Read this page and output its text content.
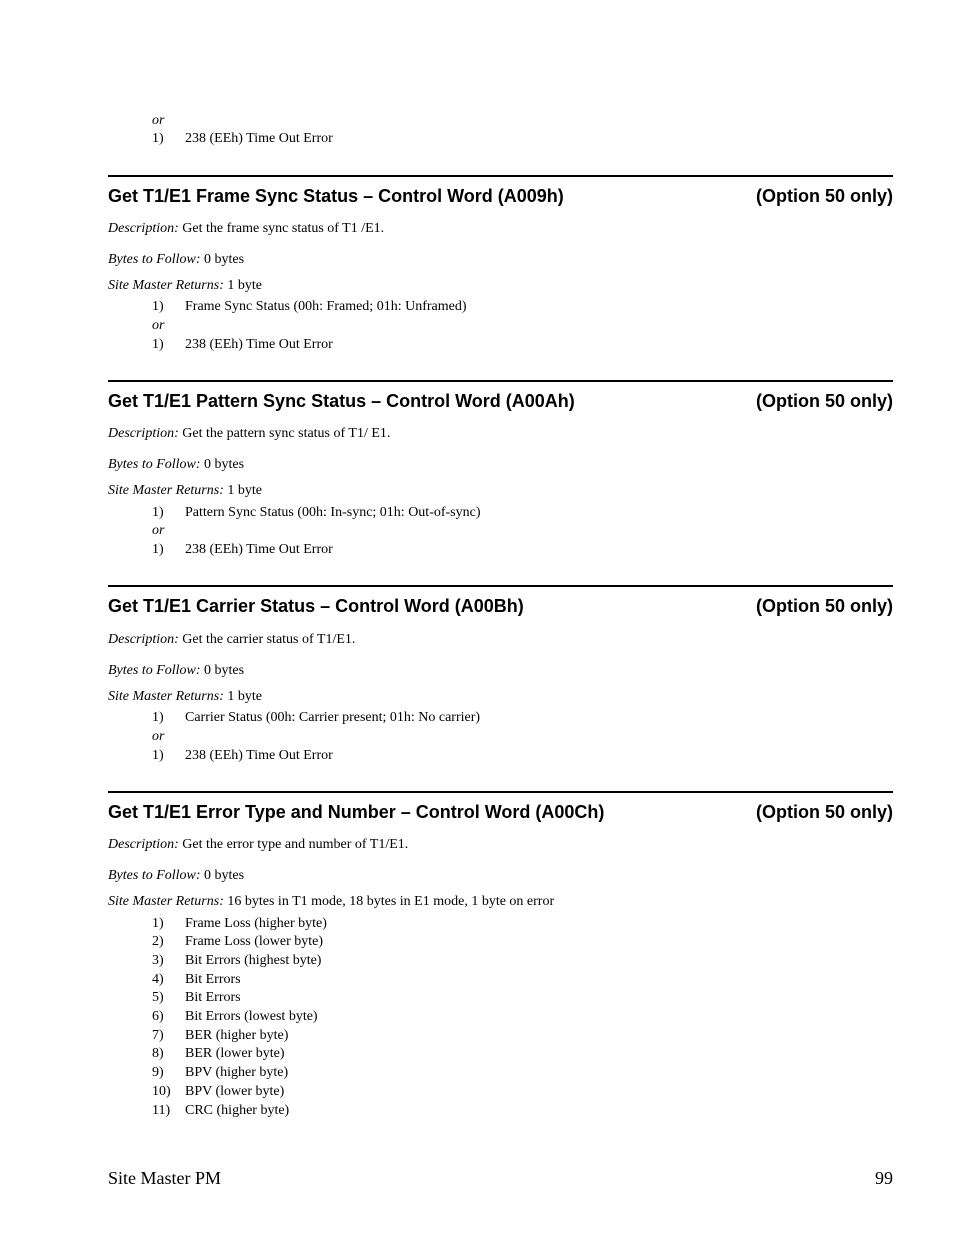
or
1) 238 (EEh) Time Out Error
Get T1/E1 Frame Sync Status – Control Word (A009h)	(Option 50 only)
Description: Get the frame sync status of T1 /E1.
Bytes to Follow: 0 bytes
Site Master Returns: 1 byte
1) Frame Sync Status (00h: Framed; 01h: Unframed)
or
1) 238 (EEh) Time Out Error
Get T1/E1 Pattern Sync Status – Control Word (A00Ah)	(Option 50 only)
Description: Get the pattern sync status of T1/ E1.
Bytes to Follow: 0 bytes
Site Master Returns: 1 byte
1) Pattern Sync Status (00h: In-sync; 01h: Out-of-sync)
or
1) 238 (EEh) Time Out Error
Get T1/E1 Carrier Status – Control Word (A00Bh)	(Option 50 only)
Description: Get the carrier status of T1/E1.
Bytes to Follow: 0 bytes
Site Master Returns: 1 byte
1) Carrier Status (00h: Carrier present; 01h: No carrier)
or
1) 238 (EEh) Time Out Error
Get T1/E1 Error Type and Number – Control Word (A00Ch)	(Option 50 only)
Description: Get the error type and number of T1/E1.
Bytes to Follow: 0 bytes
Site Master Returns: 16 bytes in T1 mode, 18 bytes in E1 mode, 1 byte on error
1) Frame Loss (higher byte)
2) Frame Loss (lower byte)
3) Bit Errors (highest byte)
4) Bit Errors
5) Bit Errors
6) Bit Errors (lowest byte)
7) BER (higher byte)
8) BER (lower byte)
9) BPV (higher byte)
10) BPV (lower byte)
11) CRC (higher byte)
Site Master PM	99
